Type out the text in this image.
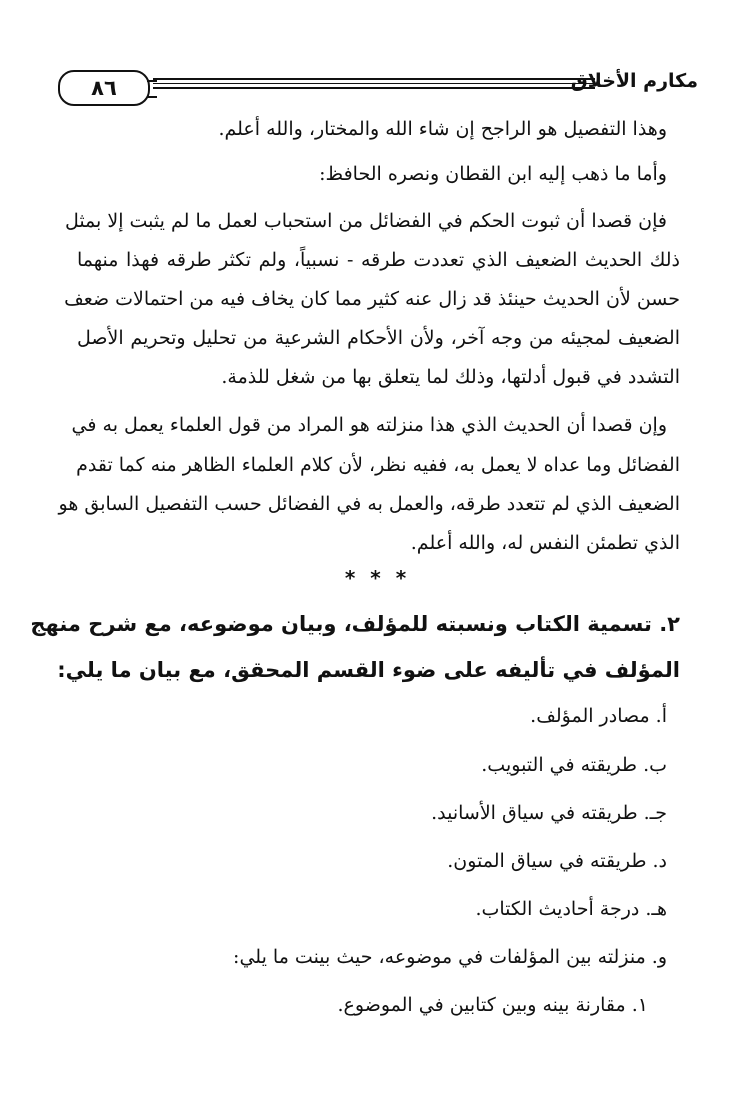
٨٦	مكارم الأخلاق
وهذا التفصيل هو الراجح إن شاء الله والمختار، والله أعلم.
وأما ما ذهب إليه ابن القطان ونصره الحافظ:
فإن قصدا أن ثبوت الحكم في الفضائل من استحباب لعمل ما لم يثبت إلا بمثل
ذلك الحديث الضعيف الذي تعددت طرقه - نسبياً، ولم تكثر طرقه فهذا منهما
حسن لأن الحديث حينئذ قد زال عنه كثير مما كان يخاف فيه من احتمالات ضعف
الضعيف لمجيئه من وجه آخر، ولأن الأحكام الشرعية من تحليل وتحريم الأصل
التشدد في قبول أدلتها، وذلك لما يتعلق بها من شغل للذمة.
وإن قصدا أن الحديث الذي هذا منزلته هو المراد من قول العلماء يعمل به في
الفضائل وما عداه لا يعمل به، ففيه نظر، لأن كلام العلماء الظاهر منه كما تقدم
الضعيف الذي لم تتعدد طرقه، والعمل به في الفضائل حسب التفصيل السابق هو
الذي تطمئن النفس له، والله أعلم.
* * *
٢. تسمية الكتاب ونسبته للمؤلف، وبيان موضوعه، مع شرح منهج
المؤلف في تأليفه على ضوء القسم المحقق، مع بيان ما يلي:
أ. مصادر المؤلف.
ب. طريقته في التبويب.
جـ. طريقته في سياق الأسانيد.
د. طريقته في سياق المتون.
هـ. درجة أحاديث الكتاب.
و. منزلته بين المؤلفات في موضوعه، حيث بينت ما يلي:
١. مقارنة بينه وبين كتابين في الموضوع.
